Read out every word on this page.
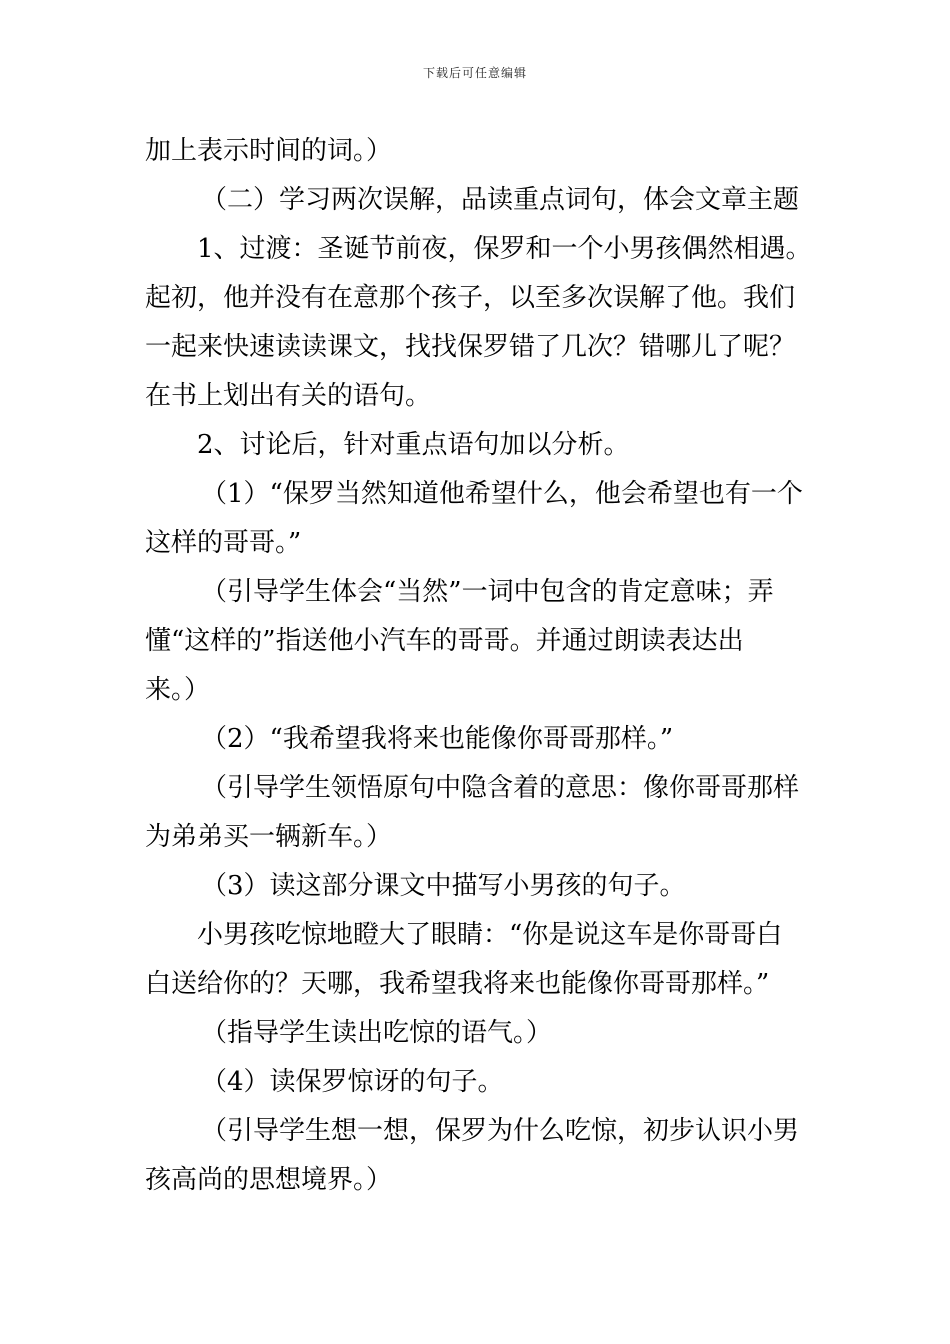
下载后可任意编辑
加上表示时间的词。）
（二）学习两次误解，品读重点词句，体会文章主题
1、过渡：圣诞节前夜，保罗和一个小男孩偶然相遇。
起初，他并没有在意那个孩子，以至多次误解了他。我们
一起来快速读读课文，找找保罗错了几次？错哪儿了呢？
在书上划出有关的语句。
2、讨论后，针对重点语句加以分析。
（1）“保罗当然知道他希望什么，他会希望也有一个
这样的哥哥。”
（引导学生体会“当然”一词中包含的肯定意味；弄
懂“这样的”指送他小汽车的哥哥。并通过朗读表达出
来。）
（2）“我希望我将来也能像你哥哥那样。”
（引导学生领悟原句中隐含着的意思：像你哥哥那样
为弟弟买一辆新车。）
（3）读这部分课文中描写小男孩的句子。
小男孩吃惊地瞪大了眼睛：“你是说这车是你哥哥白
白送给你的？天哪，我希望我将来也能像你哥哥那样。”
（指导学生读出吃惊的语气。）
（4）读保罗惊讶的句子。
（引导学生想一想，保罗为什么吃惊，初步认识小男
孩高尚的思想境界。）
